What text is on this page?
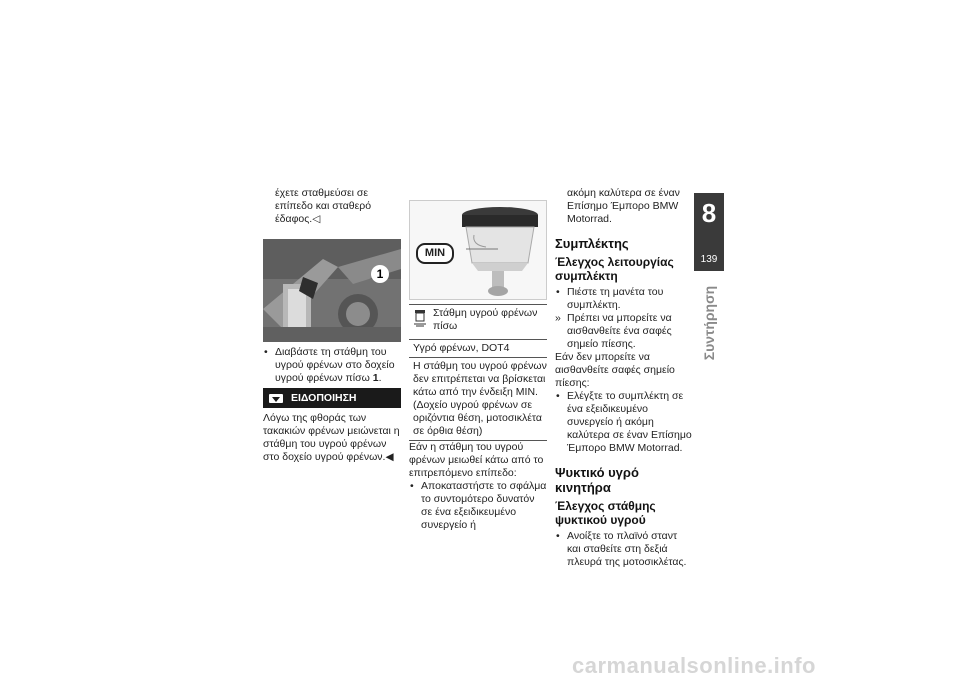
έχετε σταθμεύσει σε επίπεδο και σταθερό έδαφος.◁

1

• Διαβάστε τη στάθμη του υγρού φρένων στο δοχείο υγρού φρένων πίσω 1.

ΕΙΔΟΠΟΙΗΣΗ

Λόγω της φθοράς των τακακιών φρένων μειώνεται η στάθμη του υγρού φρένων στο δοχείο υγρού φρένων.◀

MIN
Στάθμη υγρού φρένων πίσω
Υγρό φρένων, DOT4
Η στάθμη του υγρού φρένων δεν επιτρέπεται να βρίσκεται κάτω από την ένδειξη MIN. (Δοχείο υγρού φρένων σε οριζόντια θέση, μοτοσικλέτα σε όρθια θέση)

Εάν η στάθμη του υγρού φρένων μειωθεί κάτω από το επιτρεπόμενο επίπεδο:

• Αποκαταστήστε το σφάλμα το συντομότερο δυνατόν σε ένα εξειδικευμένο συνεργείο ή

ακόμη καλύτερα σε έναν Επίσημο Έμπορο BMW Motorrad.

Συμπλέκτης
Έλεγχος λειτουργίας συμπλέκτη

• Πιέστε τη μανέτα του συμπλέκτη.

» Πρέπει να μπορείτε να αισθανθείτε ένα σαφές σημείο πίεσης.

Εάν δεν μπορείτε να αισθανθείτε σαφές σημείο πίεσης:

• Ελέγξτε το συμπλέκτη σε ένα εξειδικευμένο συνεργείο ή ακόμη καλύτερα σε έναν Επίσημο Έμπορο BMW Motorrad.

Ψυκτικό υγρό κινητήρα
Έλεγχος στάθμης ψυκτικού υγρού

• Ανοίξτε το πλαϊνό σταντ και σταθείτε στη δεξιά πλευρά της μοτοσικλέτας.

8
139
Συντήρηση
carmanualsonline.info
